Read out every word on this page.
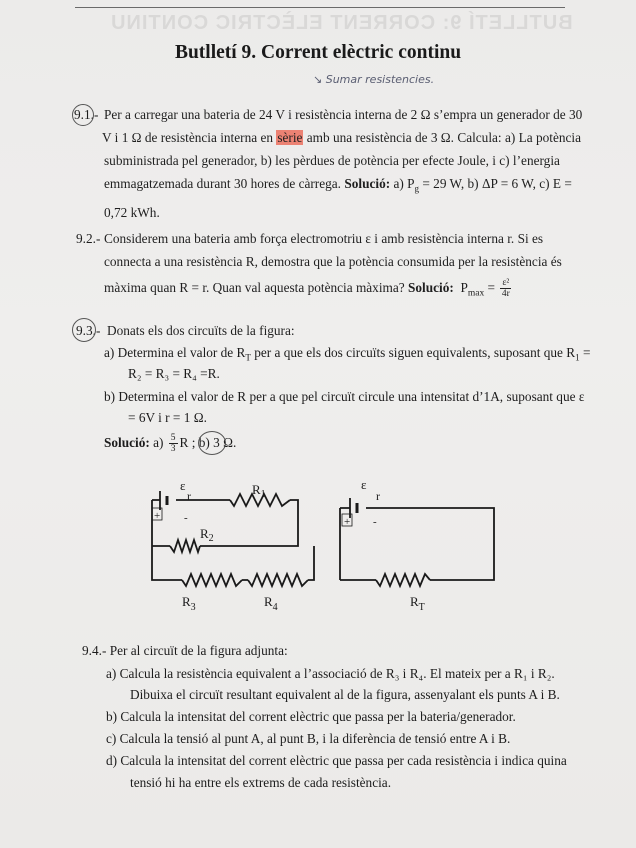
BUTLLETÍ 9: CORRENT ELÈCTRIC CONTINU
Butlletí 9. Corrent elèctric continu
↘ Sumar resistencies.
9.1.- Per a carregar una bateria de 24 V i resistència interna de 2 Ω s’empra un generador de 30
V i 1 Ω de resistència interna en sèrie amb una resistència de 3 Ω. Calcula: a) La potència
subministrada pel generador, b) les pèrdues de potència per efecte Joule, i c) l’energia
emmagatzemada durant 30 hores de càrrega. Solució: a) $P_g = 29$ W, b) ΔP = 6 W, c) E =
0,72 kWh.
9.2.- Considerem una bateria amb força electromotriu ε i amb resistència interna r. Si es
connecta a una resistència R, demostra que la potència consumida per la resistència és
màxima quan R = r. Quan val aquesta potència màxima? Solució: $P_{max} = \frac{\text{ε²}}{4r}$
9.3.- Donats els dos circuïts de la figura:
a) Determina el valor de $R_T$ per a que els dos circuïts siguen equivalents, suposant que $R_1$ =
R₂ = R₃ = R₄ =R.
b) Determina el valor de R per a que pel circuït circule una intensitat d’1A, suposant que ε
= 6V i r = 1 Ω.
Solució: $a) \frac{5}{3}$ R ; b) 3 Ω.
ε
r
+ -
$R_1$
$R_2$
$R_3$	$R_4$
ε
r
+ -
$R_T$
9.4.- Per al circuït de la figura adjunta:
a) Calcula la resistència equivalent a l’associació de R₃ i R₄. El mateix per a R₁ i R₂.
Dibuixa el circuït resultant equivalent al de la figura, assenyalant els punts A i B.
b) Calcula la intensitat del corrent elèctric que passa per la bateria/generador.
c) Calcula la tensió al punt A, al punt B, i la diferència de tensió entre A i B.
d) Calcula la intensitat del corrent elèctric que passa per cada resistència i indica quina
tensió hi ha entre els extrems de cada resistència.
